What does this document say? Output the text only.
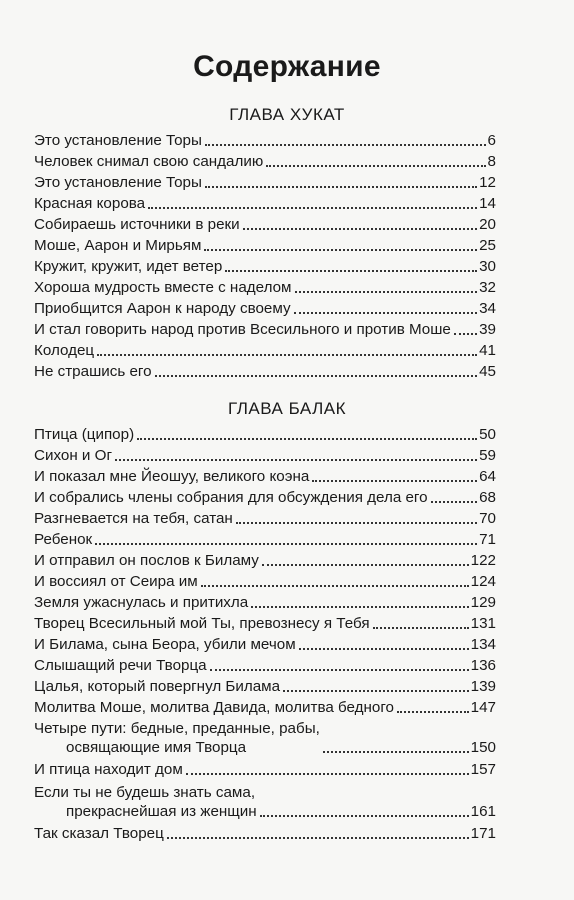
Содержание
ГЛАВА ХУКАТ
Это установление Торы	6
Человек снимал свою сандалию	8
Это установление Торы	12
Красная корова	14
Собираешь источники в реки	20
Моше, Аарон и Мирьям	25
Кружит, кружит, идет ветер	30
Хороша мудрость вместе с наделом	32
Приобщится Аарон к народу своему	34
И стал говорить народ против Всесильного и против Моше 39
Колодец	41
Не страшись его	45
ГЛАВА БАЛАК
Птица (ципор)	50
Сихон и Ог	59
И показал мне Йеошуу, великого коэна	64
И собрались члены собрания для обсуждения дела его	68
Разгневается на тебя, сатан	70
Ребенок	71
И отправил он послов к Биламу	122
И воссиял от Сеира им	124
Земля ужаснулась и притихла	129
Творец Всесильный мой Ты, превознесу я Тебя	131
И Билама, сына Беора, убили мечом	134
Слышащий речи Творца	136
Цалья, который повергнул Билама	139
Молитва Моше, молитва Давида, молитва бедного	147
Четыре пути: бедные, преданные, рабы,
освящающие имя Творца	150
И птица находит дом	157
Если ты не будешь знать сама,
прекраснейшая из женщин	161
Так сказал Творец	171
